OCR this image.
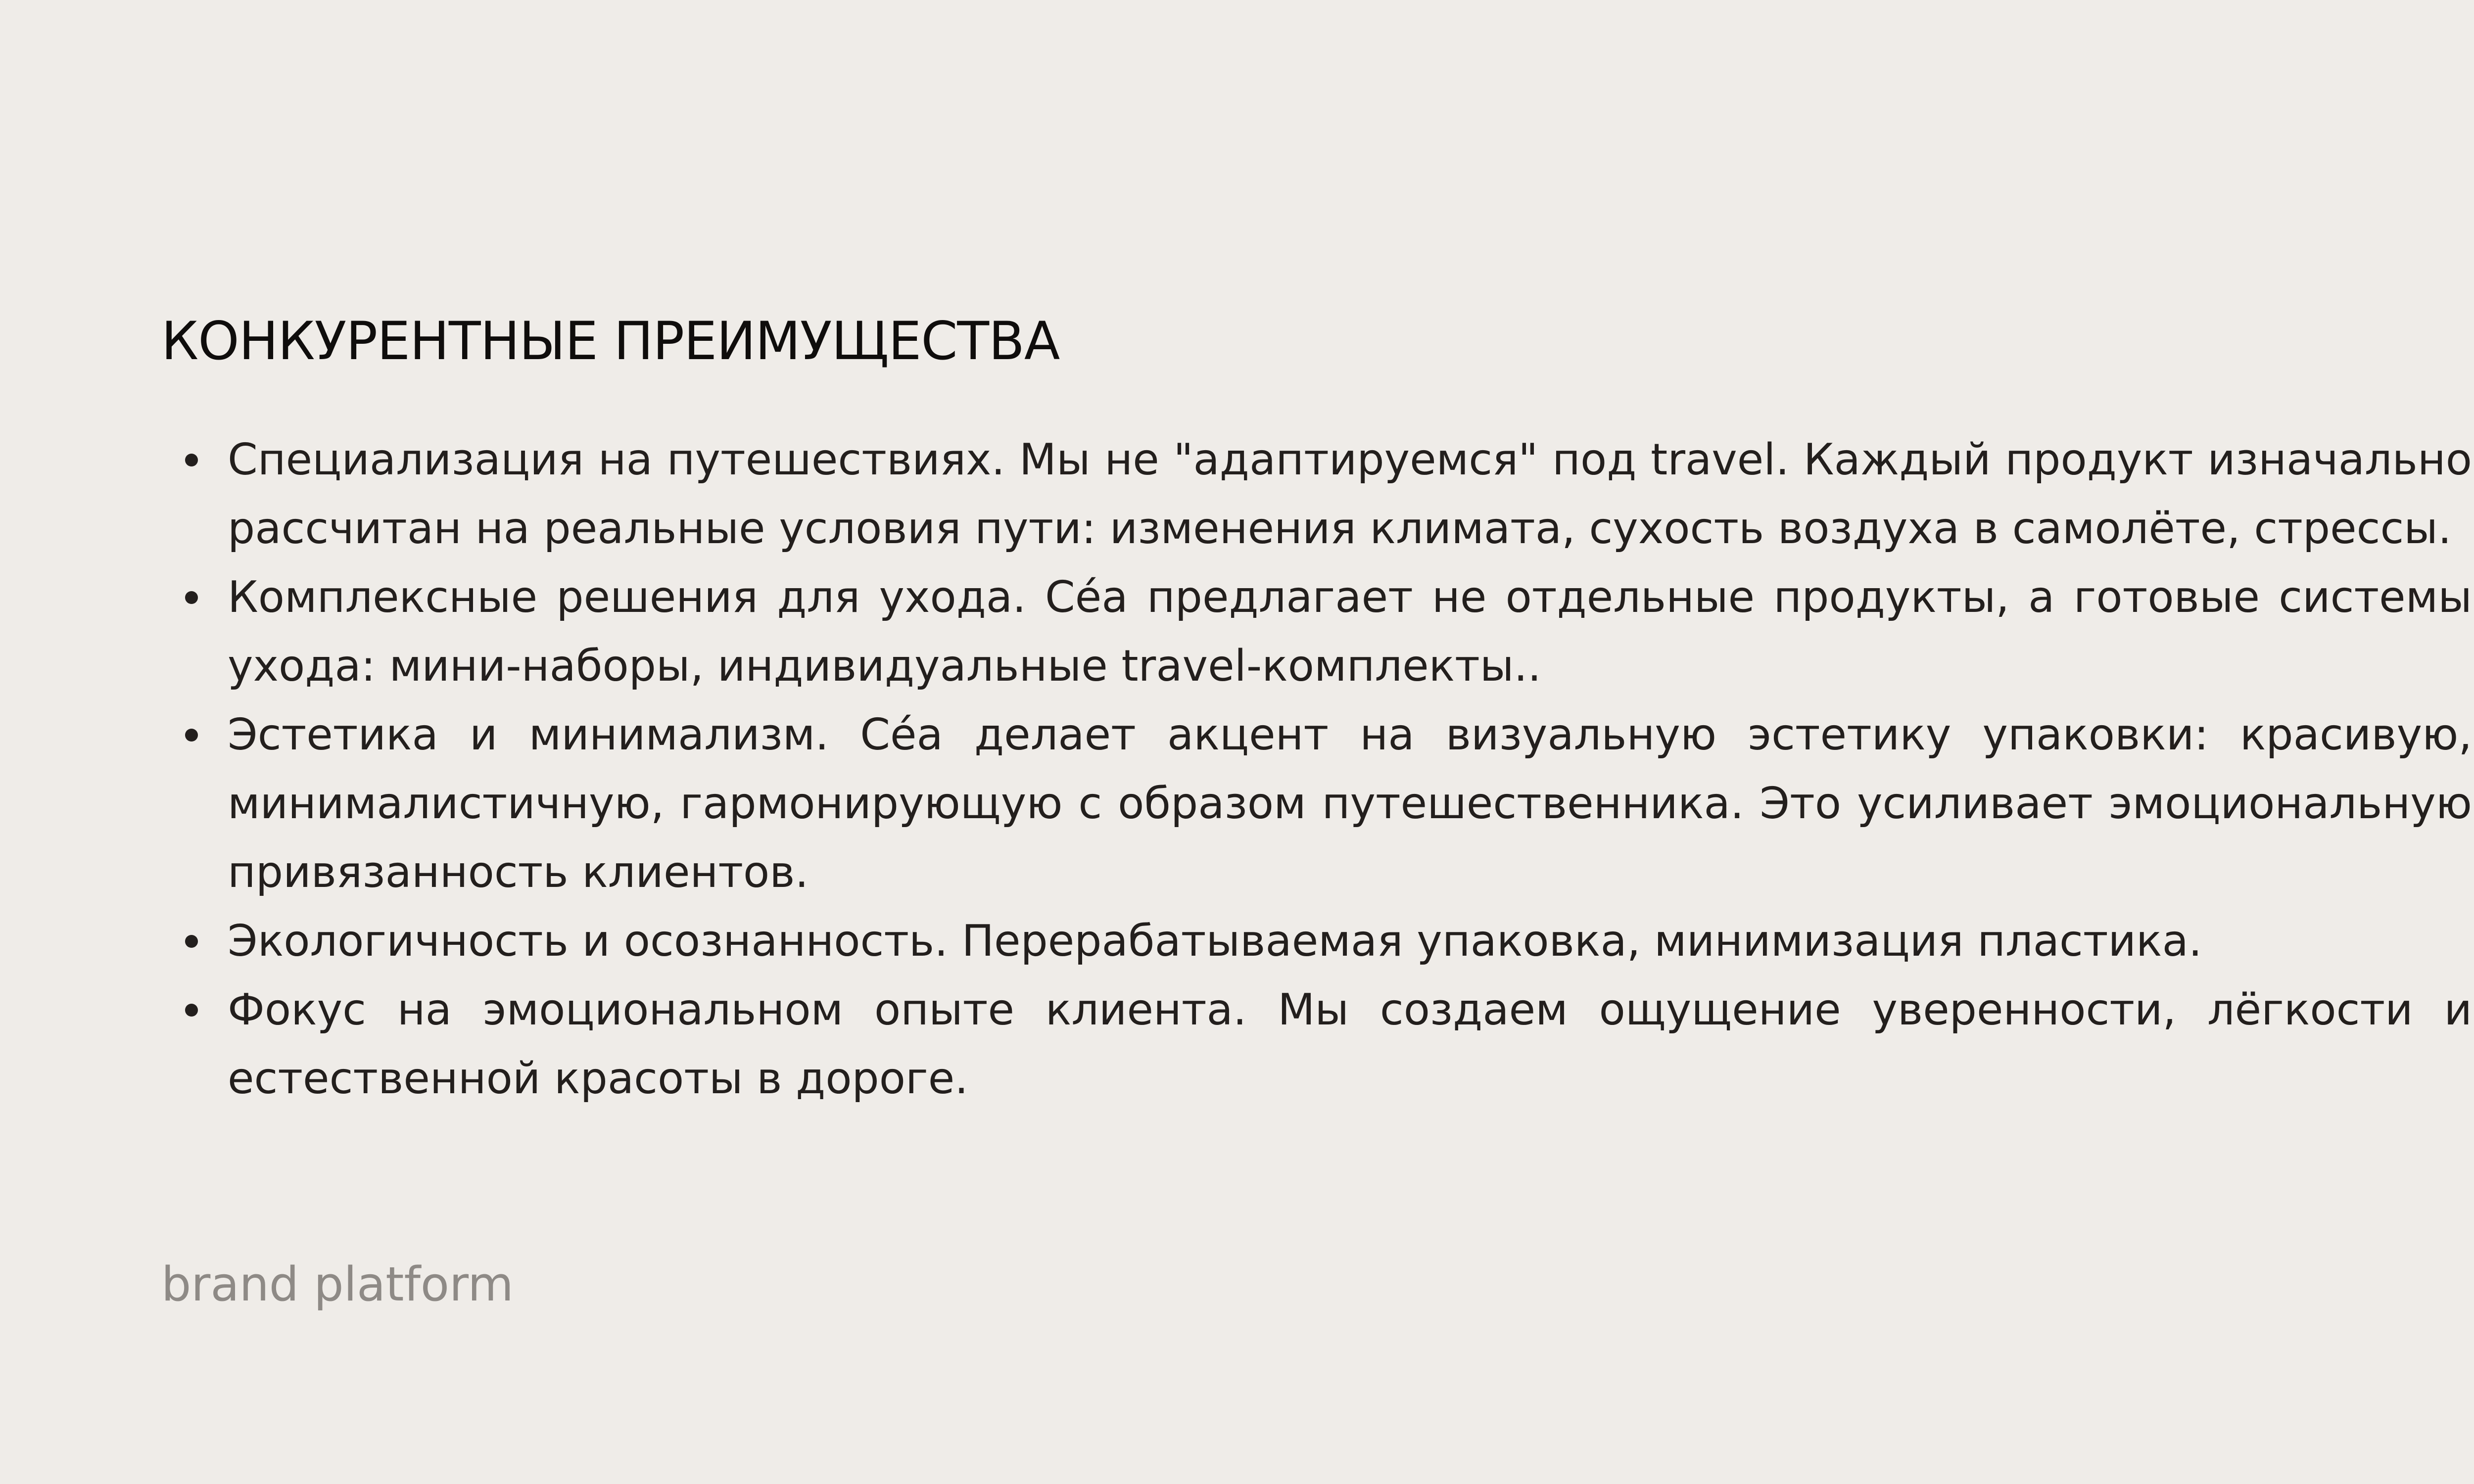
КОНКУРЕНТНЫЕ ПРЕИМУЩЕСТВА
Специализация на путешествиях. Мы не "адаптируемся" под travel. Каждый продукт изначально рассчитан на реальные условия пути: изменения климата, сухость воздуха в самолёте, стрессы.
Комплексные решения для ухода. Céa предлагает не отдельные продукты, а готовые системы ухода: мини-наборы, индивидуальные travel-комплекты..
Эстетика и минимализм. Céa делает акцент на визуальную эстетику упаковки: красивую, минималистичную, гармонирующую с образом путешественника. Это усиливает эмоциональную привязанность клиентов.
Экологичность и осознанность. Перерабатываемая упаковка, минимизация пластика.
Фокус на эмоциональном опыте клиента. Мы создаем ощущение уверенности, лёгкости и естественной красоты в дороге.

brand platform
